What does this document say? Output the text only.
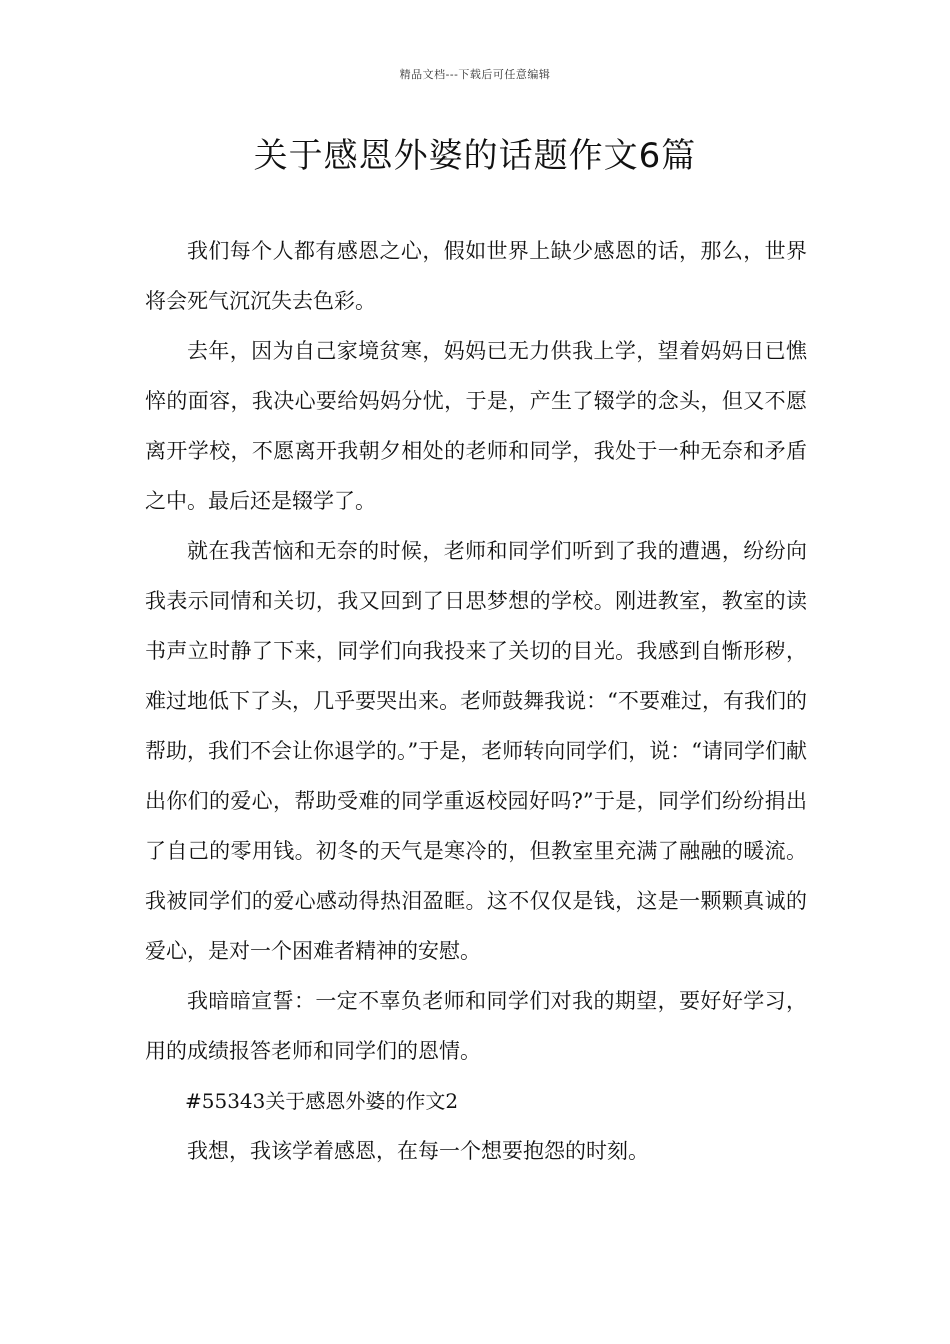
精品文档---下载后可任意编辑
关于感恩外婆的话题作文6篇

我们每个人都有感恩之心，假如世界上缺少感恩的话，那么，世界将会死气沉沉失去色彩。

去年，因为自己家境贫寒，妈妈已无力供我上学，望着妈妈日已憔悴的面容，我决心要给妈妈分忧，于是，产生了辍学的念头，但又不愿离开学校，不愿离开我朝夕相处的老师和同学，我处于一种无奈和矛盾之中。最后还是辍学了。

就在我苦恼和无奈的时候，老师和同学们听到了我的遭遇，纷纷向我表示同情和关切，我又回到了日思梦想的学校。刚进教室，教室的读书声立时静了下来，同学们向我投来了关切的目光。我感到自惭形秽，难过地低下了头，几乎要哭出来。老师鼓舞我说：“不要难过，有我们的帮助，我们不会让你退学的。”于是，老师转向同学们，说：“请同学们献出你们的爱心，帮助受难的同学重返校园好吗?”于是，同学们纷纷捐出了自己的零用钱。初冬的天气是寒冷的，但教室里充满了融融的暖流。我被同学们的爱心感动得热泪盈眶。这不仅仅是钱，这是一颗颗真诚的爱心，是对一个困难者精神的安慰。

我暗暗宣誓：一定不辜负老师和同学们对我的期望，要好好学习，用的成绩报答老师和同学们的恩情。

#55343关于感恩外婆的作文2

我想，我该学着感恩，在每一个想要抱怨的时刻。
